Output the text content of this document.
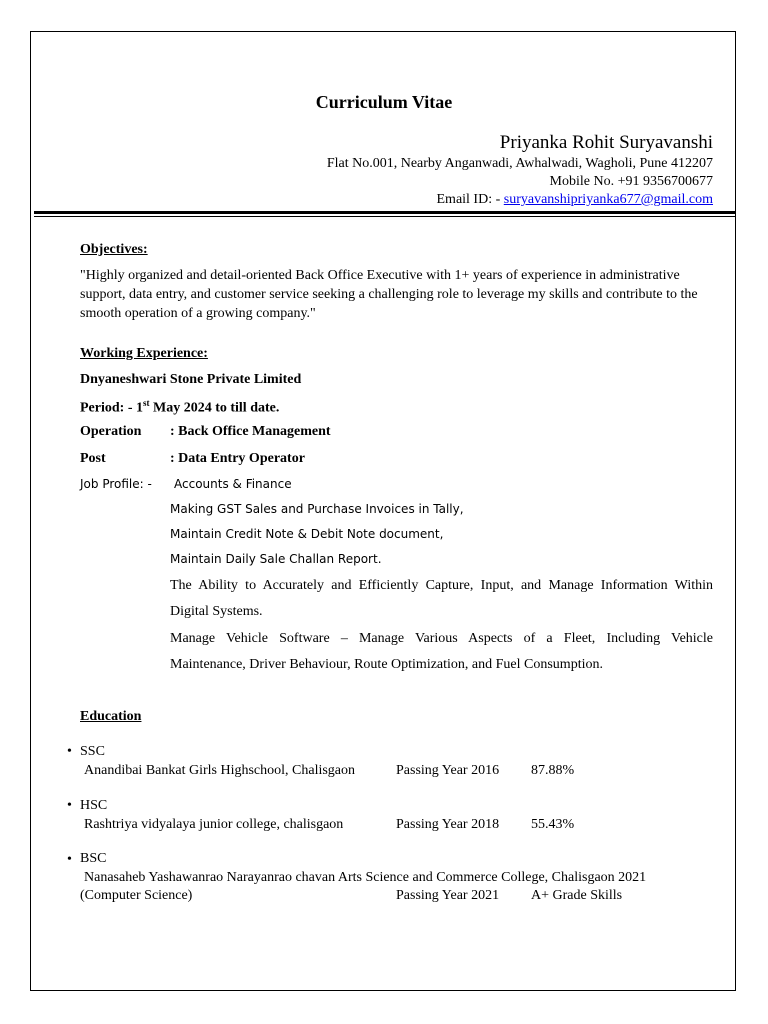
Curriculum Vitae
Priyanka Rohit Suryavanshi
Flat No.001, Nearby Anganwadi, Awhalwadi, Wagholi, Pune 412207
Mobile No. +91 9356700677
Email ID: - suryavanshipriyanka677@gmail.com
Objectives:
"Highly organized and detail-oriented Back Office Executive with 1+ years of experience in administrative support, data entry, and customer service seeking a challenging role to leverage my skills and contribute to the smooth operation of a growing company."
Working Experience:
Dnyaneshwari Stone Private Limited
Period: - 1st May 2024 to till date.
Operation : Back Office Management
Post	: Data Entry Operator
Job Profile: - Accounts & Finance
Making GST Sales and Purchase Invoices in Tally,
Maintain Credit Note & Debit Note document,
Maintain Daily Sale Challan Report.
The Ability to Accurately and Efficiently Capture, Input, and Manage Information Within
Digital Systems.
Manage Vehicle Software – Manage Various Aspects of a Fleet, Including Vehicle
Maintenance, Driver Behaviour, Route Optimization, and Fuel Consumption.
Education
• SSC
Anandibai Bankat Girls Highschool, Chalisgaon	Passing Year 2016 87.88%
• HSC
Rashtriya vidyalaya junior college, chalisgaon	Passing Year 2018 55.43%
• BSC
Nanasaheb Yashawanrao Narayanrao chavan Arts Science and Commerce College, Chalisgaon 2021
(Computer Science)	Passing Year 2021 A+ Grade Skills
